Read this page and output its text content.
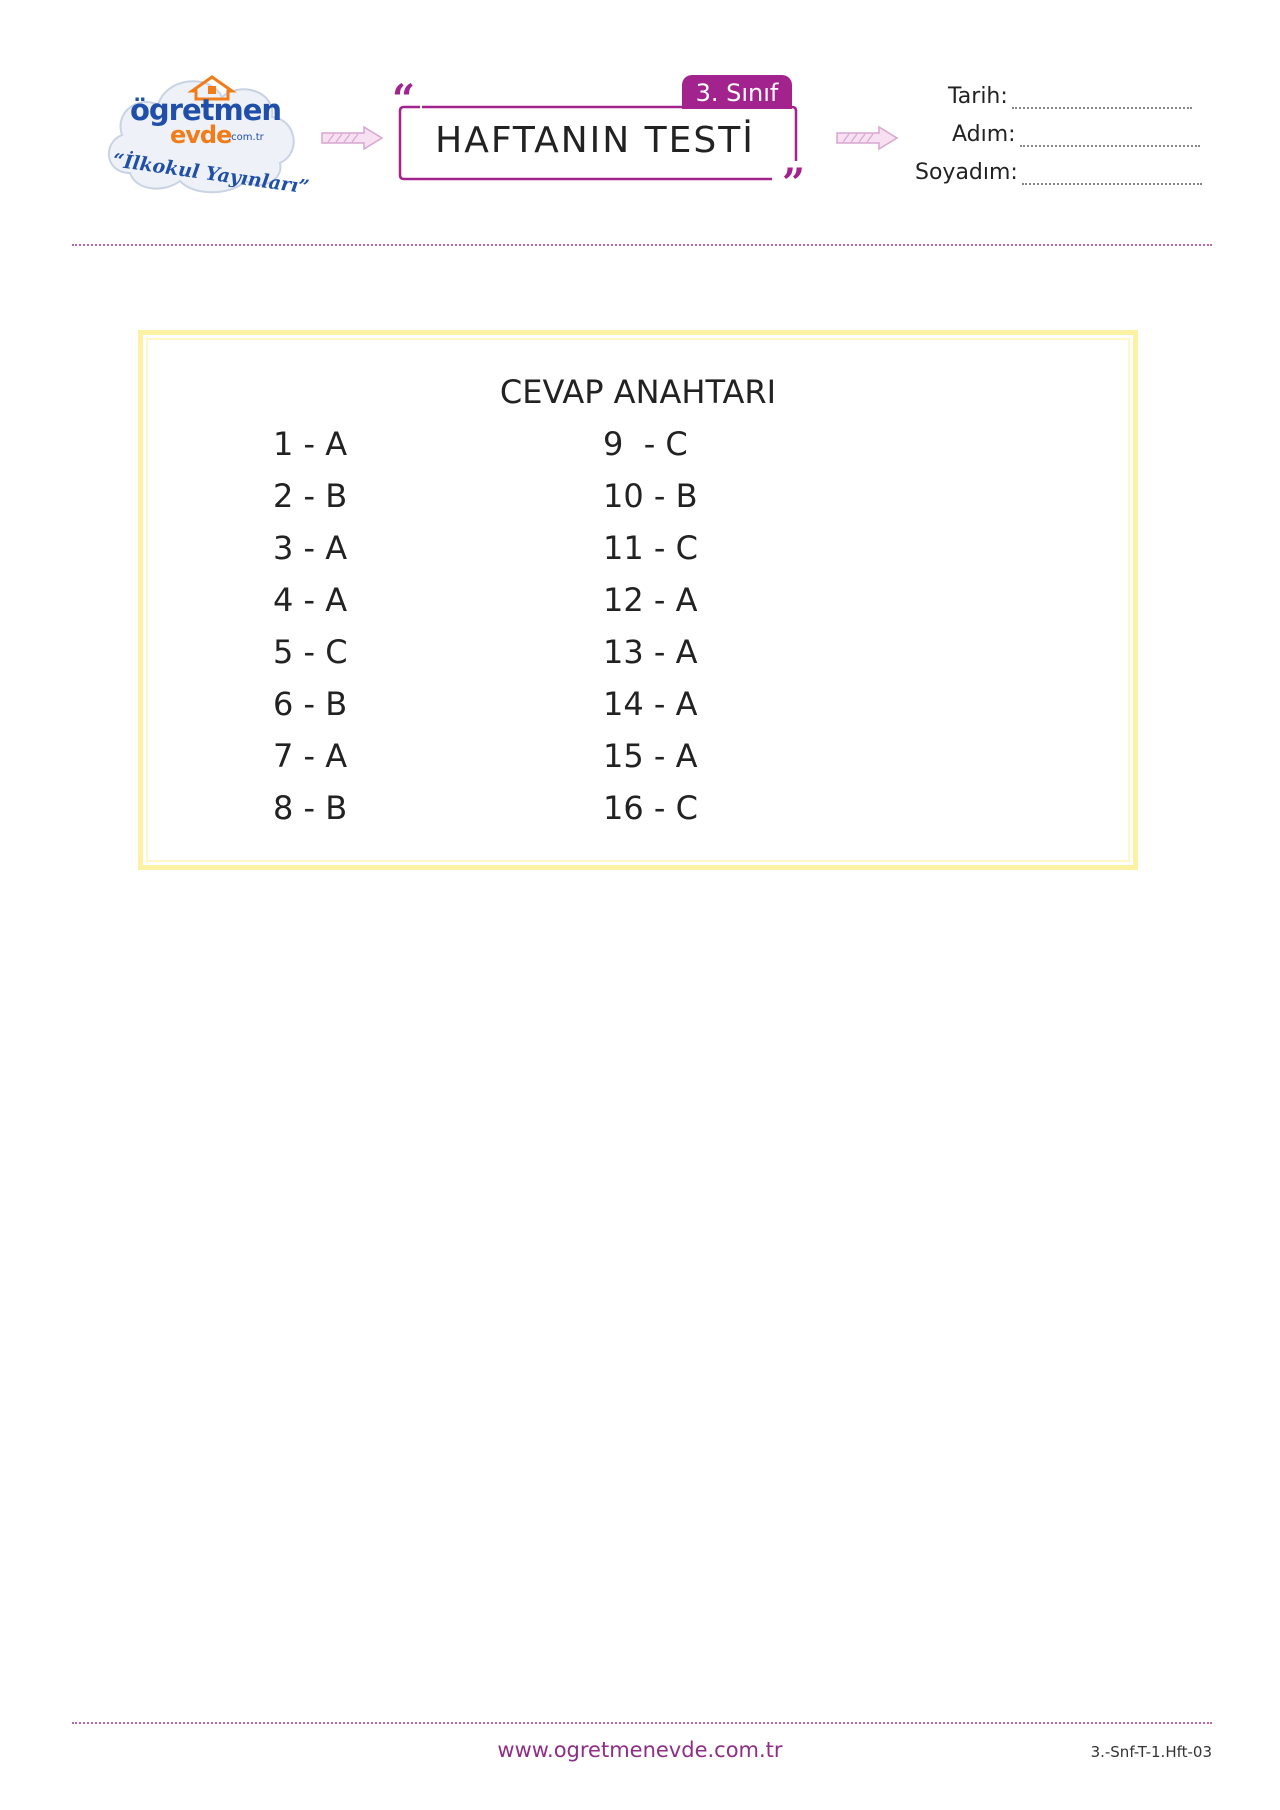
ögretmen
evde
.com.tr
“İlkokul Yayınları”
“
”
3. Sınıf
HAFTANIN TESTİ
Tarih:
Adım:
Soyadım:
CEVAP ANAHTARI
1 - A
2 - B
3 - A
4 - A
5 - C
6 - B
7 - A
8 - B
9  - C
10 - B
11 - C
12 - A
13 - A
14 - A
15 - A
16 - C
www.ogretmenevde.com.tr	3.-Snf-T-1.Hft-03
